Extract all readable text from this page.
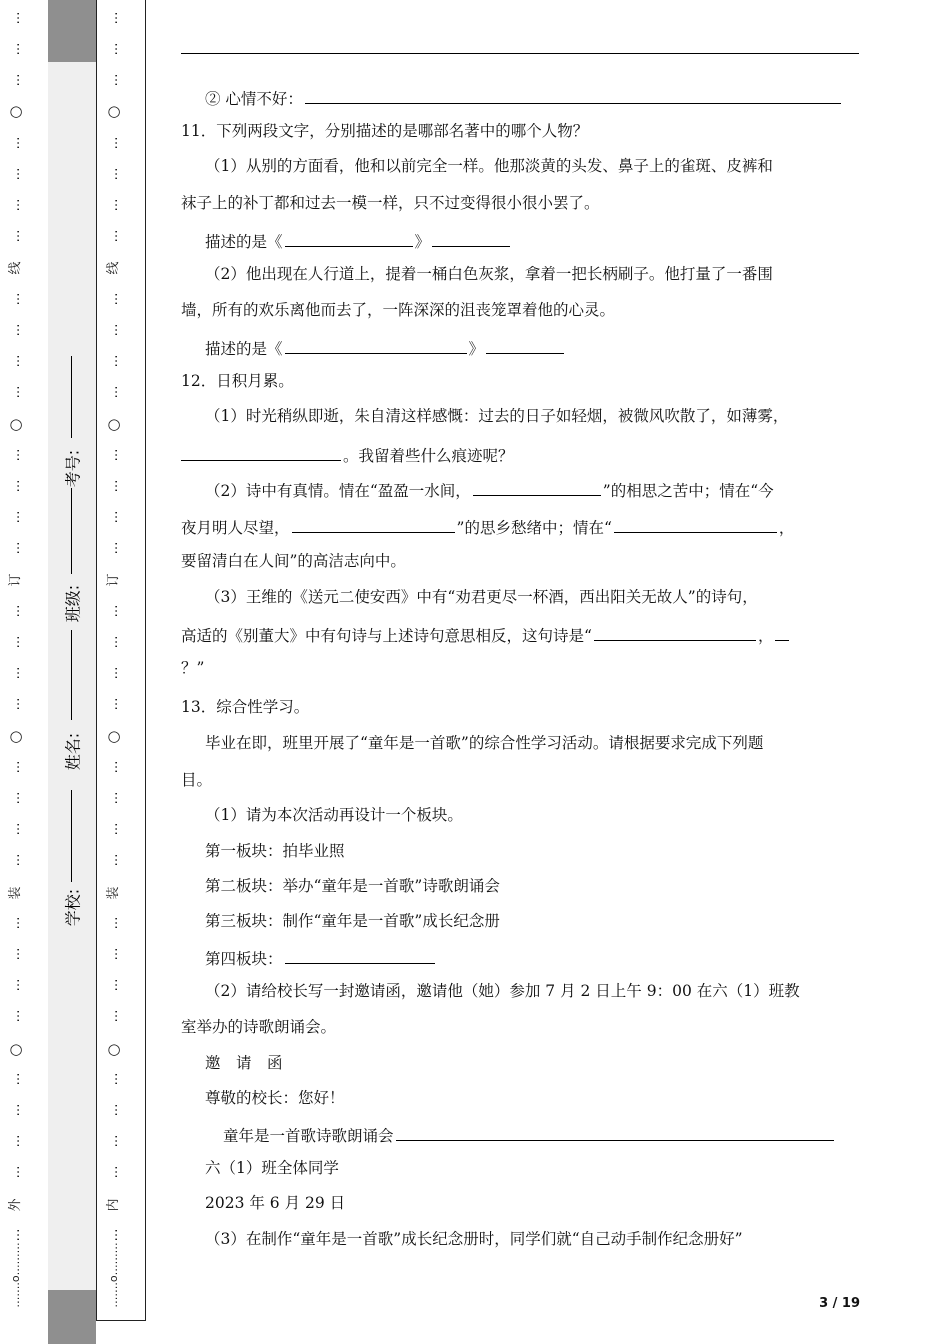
…
…
…
…
…
…
…
…
…
…
…
…
…
…
…
…
…
…
…
…
…
…
…
…
…
…
…
…
…
…
…
…
○
○
○
○
线
订
装
外
…….o………
…
…
…
…
…
…
…
…
…
…
…
…
…
…
…
…
…
…
…
…
…
…
…
…
…
…
…
…
…
…
…
…
○
○
○
○
线
订
装
内
…….o………
学校:
姓名:
班级:
考号:
② 心情不好：
11．下列两段文字，分别描述的是哪部名著中的哪个人物？
（1）从别的方面看，他和以前完全一样。他那淡黄的头发、鼻子上的雀斑、皮裤和
袜子上的补丁都和过去一模一样，只不过变得很小很小罢了。
描述的是《	》
（2）他出现在人行道上，提着一桶白色灰浆，拿着一把长柄刷子。他打量了一番围
墙，所有的欢乐离他而去了，一阵深深的沮丧笼罩着他的心灵。
描述的是《	》
12．日积月累。
（1）时光稍纵即逝，朱自清这样感慨：过去的日子如轻烟，被微风吹散了，如薄雾，
。我留着些什么痕迹呢？
（2）诗中有真情。情在“盈盈一水间，	”的相思之苦中；情在“今
夜月明人尽望，	”的思乡愁绪中；情在“	，
要留清白在人间”的高洁志向中。
（3）王维的《送元二使安西》中有“劝君更尽一杯酒，西出阳关无故人”的诗句，
高适的《别董大》中有句诗与上述诗句意思相反，这句诗是“	，
？”
13．综合性学习。
毕业在即，班里开展了“童年是一首歌”的综合性学习活动。请根据要求完成下列题
目。
（1）请为本次活动再设计一个板块。
第一板块：拍毕业照
第二板块：举办“童年是一首歌”诗歌朗诵会
第三板块：制作“童年是一首歌”成长纪念册
第四板块：
（2）请给校长写一封邀请函，邀请他（她）参加 7 月 2 日上午 9：00 在六（1）班教
室举办的诗歌朗诵会。
邀　请　函
尊敬的校长：您好！
童年是一首歌诗歌朗诵会
六（1）班全体同学
2023 年 6 月 29 日
（3）在制作“童年是一首歌”成长纪念册时，同学们就“自己动手制作纪念册好”
3 / 19
